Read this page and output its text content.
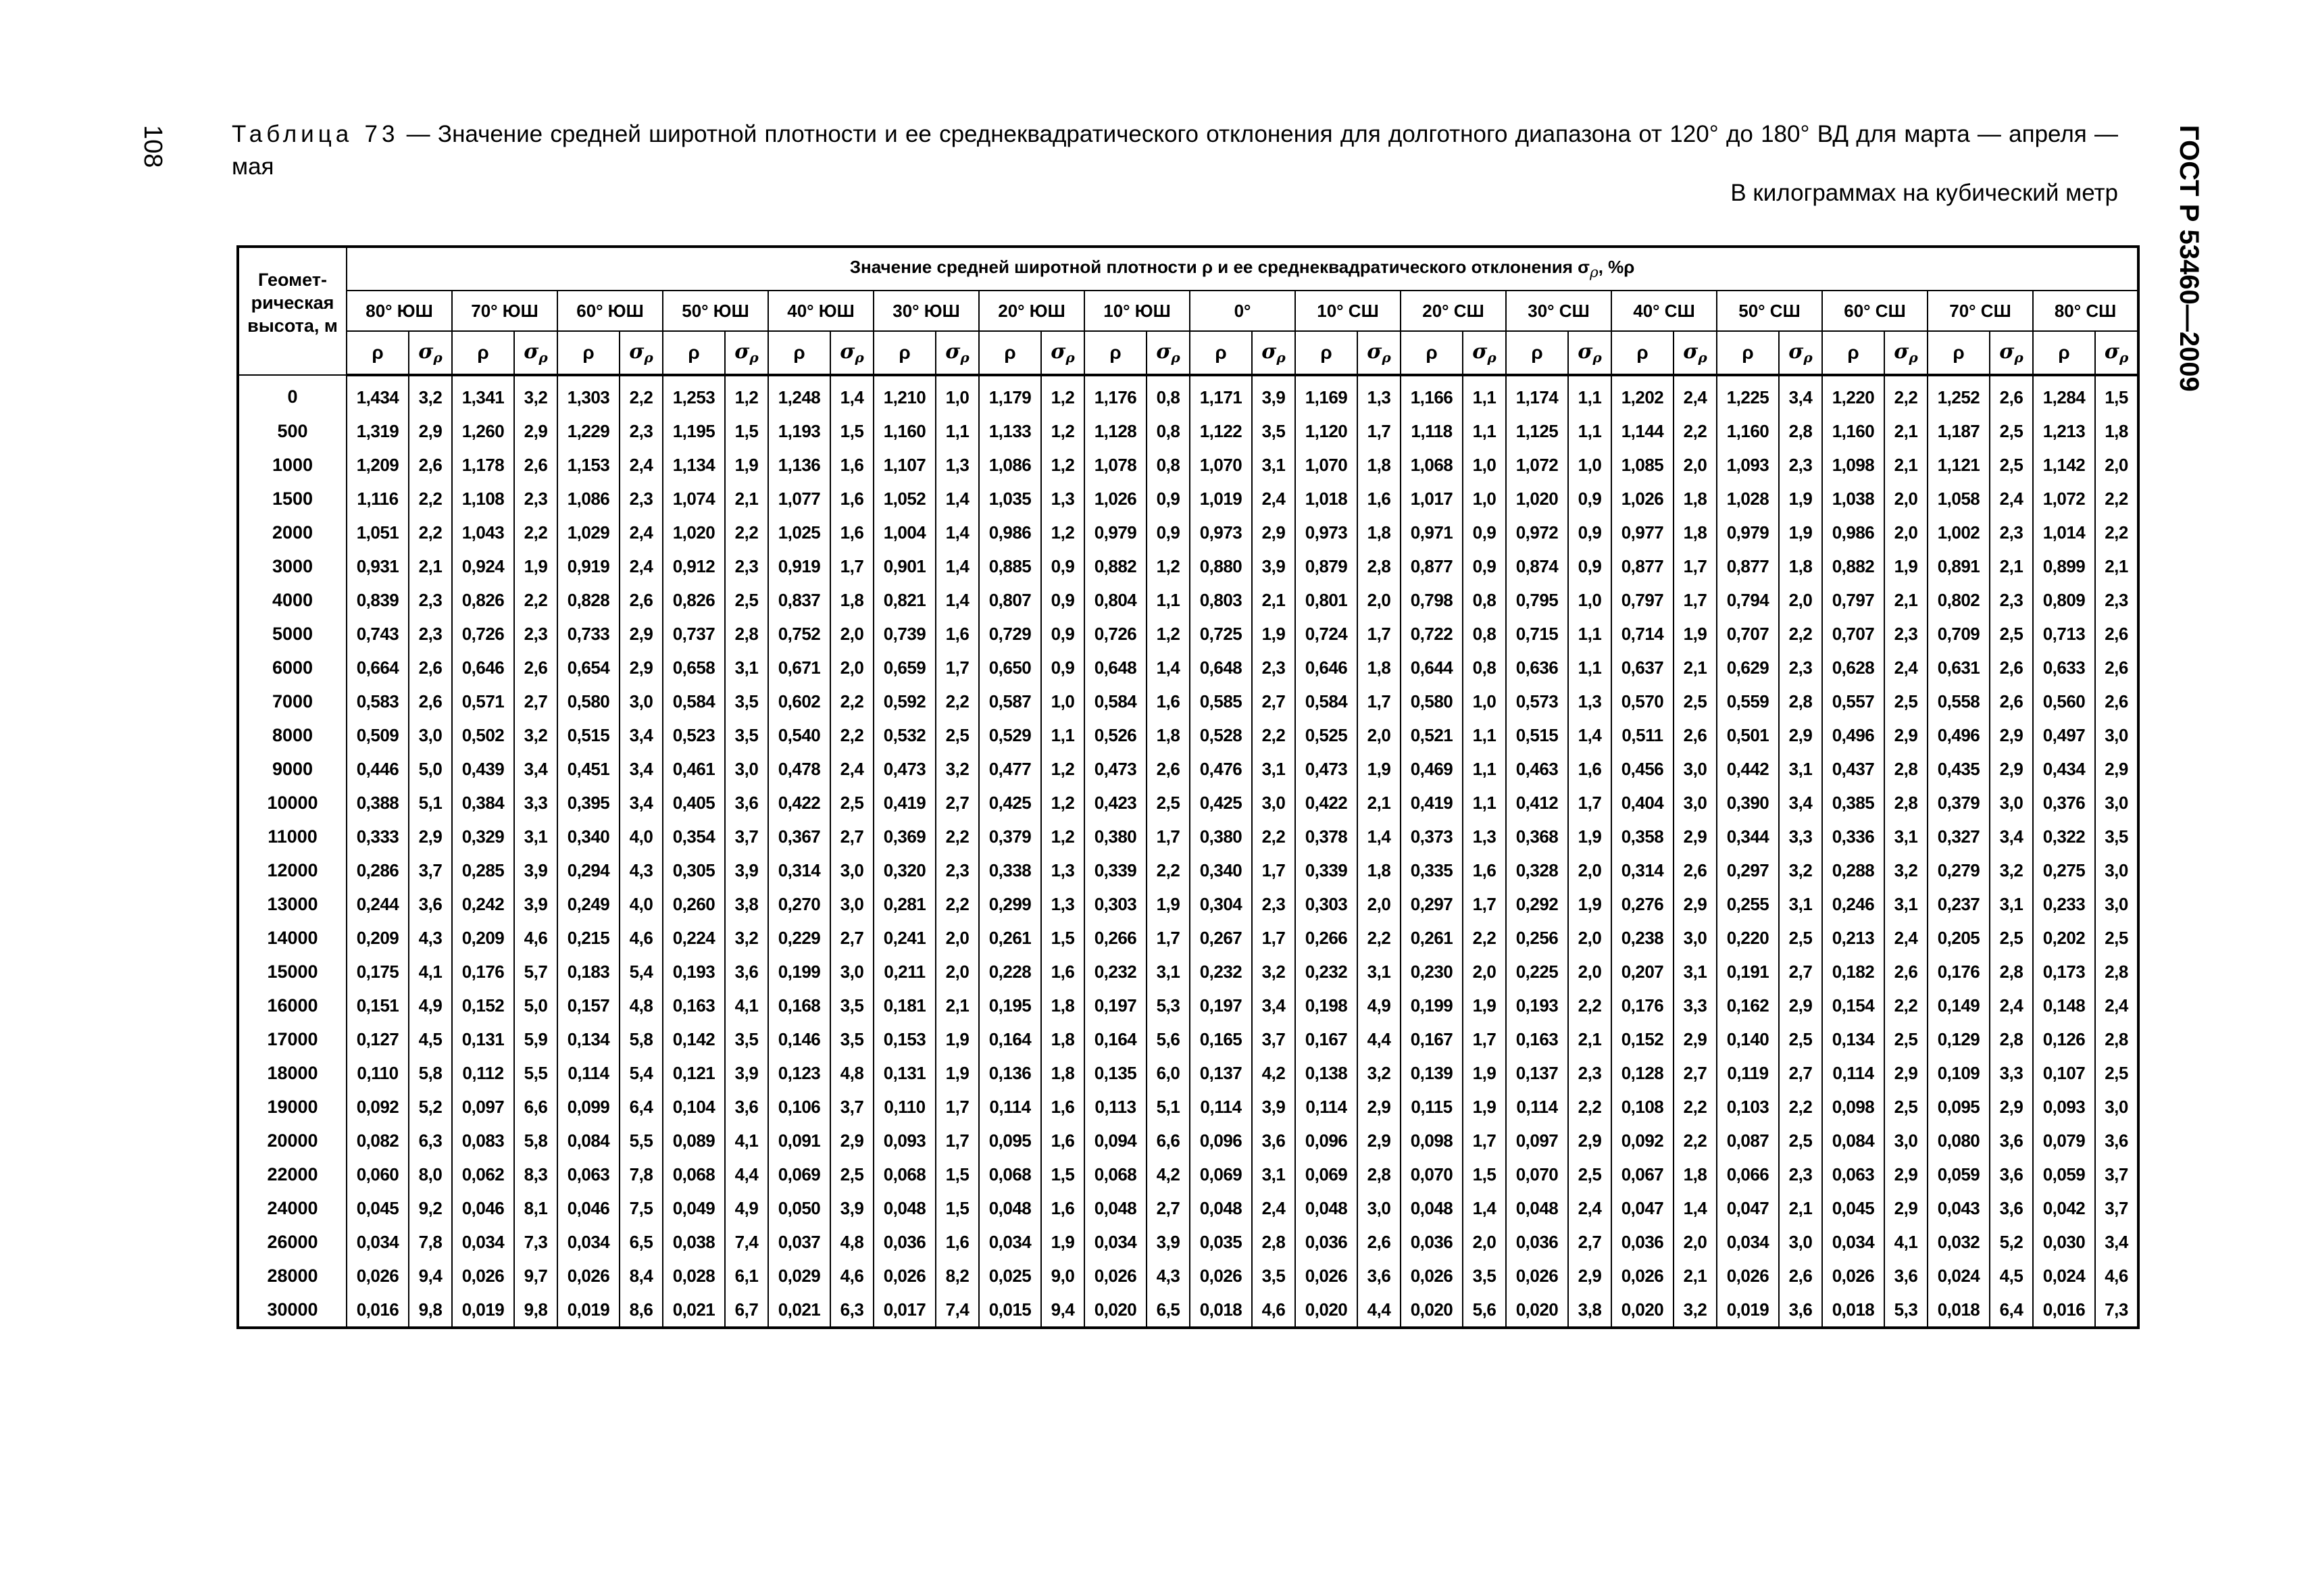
108	ГОСТ Р 53460—2009
Таблица 73 — Значение средней широтной плотности и ее среднеквадратического отклонения для долготного диапазона от 120° до 180° ВД для марта — апреля — мая
В килограммах на кубический метр
Геомет-
рическая
высота, м	Значение средней широтной плотности ρ и ее среднеквадратического отклонения $\sigma_\rho$, %ρ																																	
	80° ЮШ		70° ЮШ		60° ЮШ		50° ЮШ		40° ЮШ		30° ЮШ		20° ЮШ		10° ЮШ		0°		10° СШ		20° СШ		30° СШ		40° СШ		50° СШ		60° СШ		70° СШ		80° СШ	
	ρ	$\sigma_\rho$	ρ	$\sigma_\rho$	ρ	$\sigma_\rho$	ρ	$\sigma_\rho$	ρ	$\sigma_\rho$	ρ	$\sigma_\rho$	ρ	$\sigma_\rho$	ρ	$\sigma_\rho$	ρ	$\sigma_\rho$	ρ	$\sigma_\rho$	ρ	$\sigma_\rho$	ρ	$\sigma_\rho$	ρ	$\sigma_\rho$	ρ	$\sigma_\rho$	ρ	$\sigma_\rho$	ρ	$\sigma_\rho$	ρ	$\sigma_\rho$
0	1,434	3,2	1,341	3,2	1,303	2,2	1,253	1,2	1,248	1,4	1,210	1,0	1,179	1,2	1,176	0,8	1,171	3,9	1,169	1,3	1,166	1,1	1,174	1,1	1,202	2,4	1,225	3,4	1,220	2,2	1,252	2,6	1,284	1,5
500	1,319	2,9	1,260	2,9	1,229	2,3	1,195	1,5	1,193	1,5	1,160	1,1	1,133	1,2	1,128	0,8	1,122	3,5	1,120	1,7	1,118	1,1	1,125	1,1	1,144	2,2	1,160	2,8	1,160	2,1	1,187	2,5	1,213	1,8
1000	1,209	2,6	1,178	2,6	1,153	2,4	1,134	1,9	1,136	1,6	1,107	1,3	1,086	1,2	1,078	0,8	1,070	3,1	1,070	1,8	1,068	1,0	1,072	1,0	1,085	2,0	1,093	2,3	1,098	2,1	1,121	2,5	1,142	2,0
1500	1,116	2,2	1,108	2,3	1,086	2,3	1,074	2,1	1,077	1,6	1,052	1,4	1,035	1,3	1,026	0,9	1,019	2,4	1,018	1,6	1,017	1,0	1,020	0,9	1,026	1,8	1,028	1,9	1,038	2,0	1,058	2,4	1,072	2,2
2000	1,051	2,2	1,043	2,2	1,029	2,4	1,020	2,2	1,025	1,6	1,004	1,4	0,986	1,2	0,979	0,9	0,973	2,9	0,973	1,8	0,971	0,9	0,972	0,9	0,977	1,8	0,979	1,9	0,986	2,0	1,002	2,3	1,014	2,2
3000	0,931	2,1	0,924	1,9	0,919	2,4	0,912	2,3	0,919	1,7	0,901	1,4	0,885	0,9	0,882	1,2	0,880	3,9	0,879	2,8	0,877	0,9	0,874	0,9	0,877	1,7	0,877	1,8	0,882	1,9	0,891	2,1	0,899	2,1
4000	0,839	2,3	0,826	2,2	0,828	2,6	0,826	2,5	0,837	1,8	0,821	1,4	0,807	0,9	0,804	1,1	0,803	2,1	0,801	2,0	0,798	0,8	0,795	1,0	0,797	1,7	0,794	2,0	0,797	2,1	0,802	2,3	0,809	2,3
5000	0,743	2,3	0,726	2,3	0,733	2,9	0,737	2,8	0,752	2,0	0,739	1,6	0,729	0,9	0,726	1,2	0,725	1,9	0,724	1,7	0,722	0,8	0,715	1,1	0,714	1,9	0,707	2,2	0,707	2,3	0,709	2,5	0,713	2,6
6000	0,664	2,6	0,646	2,6	0,654	2,9	0,658	3,1	0,671	2,0	0,659	1,7	0,650	0,9	0,648	1,4	0,648	2,3	0,646	1,8	0,644	0,8	0,636	1,1	0,637	2,1	0,629	2,3	0,628	2,4	0,631	2,6	0,633	2,6
7000	0,583	2,6	0,571	2,7	0,580	3,0	0,584	3,5	0,602	2,2	0,592	2,2	0,587	1,0	0,584	1,6	0,585	2,7	0,584	1,7	0,580	1,0	0,573	1,3	0,570	2,5	0,559	2,8	0,557	2,5	0,558	2,6	0,560	2,6
8000	0,509	3,0	0,502	3,2	0,515	3,4	0,523	3,5	0,540	2,2	0,532	2,5	0,529	1,1	0,526	1,8	0,528	2,2	0,525	2,0	0,521	1,1	0,515	1,4	0,511	2,6	0,501	2,9	0,496	2,9	0,496	2,9	0,497	3,0
9000	0,446	5,0	0,439	3,4	0,451	3,4	0,461	3,0	0,478	2,4	0,473	3,2	0,477	1,2	0,473	2,6	0,476	3,1	0,473	1,9	0,469	1,1	0,463	1,6	0,456	3,0	0,442	3,1	0,437	2,8	0,435	2,9	0,434	2,9
10000	0,388	5,1	0,384	3,3	0,395	3,4	0,405	3,6	0,422	2,5	0,419	2,7	0,425	1,2	0,423	2,5	0,425	3,0	0,422	2,1	0,419	1,1	0,412	1,7	0,404	3,0	0,390	3,4	0,385	2,8	0,379	3,0	0,376	3,0
11000	0,333	2,9	0,329	3,1	0,340	4,0	0,354	3,7	0,367	2,7	0,369	2,2	0,379	1,2	0,380	1,7	0,380	2,2	0,378	1,4	0,373	1,3	0,368	1,9	0,358	2,9	0,344	3,3	0,336	3,1	0,327	3,4	0,322	3,5
12000	0,286	3,7	0,285	3,9	0,294	4,3	0,305	3,9	0,314	3,0	0,320	2,3	0,338	1,3	0,339	2,2	0,340	1,7	0,339	1,8	0,335	1,6	0,328	2,0	0,314	2,6	0,297	3,2	0,288	3,2	0,279	3,2	0,275	3,0
13000	0,244	3,6	0,242	3,9	0,249	4,0	0,260	3,8	0,270	3,0	0,281	2,2	0,299	1,3	0,303	1,9	0,304	2,3	0,303	2,0	0,297	1,7	0,292	1,9	0,276	2,9	0,255	3,1	0,246	3,1	0,237	3,1	0,233	3,0
14000	0,209	4,3	0,209	4,6	0,215	4,6	0,224	3,2	0,229	2,7	0,241	2,0	0,261	1,5	0,266	1,7	0,267	1,7	0,266	2,2	0,261	2,2	0,256	2,0	0,238	3,0	0,220	2,5	0,213	2,4	0,205	2,5	0,202	2,5
15000	0,175	4,1	0,176	5,7	0,183	5,4	0,193	3,6	0,199	3,0	0,211	2,0	0,228	1,6	0,232	3,1	0,232	3,2	0,232	3,1	0,230	2,0	0,225	2,0	0,207	3,1	0,191	2,7	0,182	2,6	0,176	2,8	0,173	2,8
16000	0,151	4,9	0,152	5,0	0,157	4,8	0,163	4,1	0,168	3,5	0,181	2,1	0,195	1,8	0,197	5,3	0,197	3,4	0,198	4,9	0,199	1,9	0,193	2,2	0,176	3,3	0,162	2,9	0,154	2,2	0,149	2,4	0,148	2,4
17000	0,127	4,5	0,131	5,9	0,134	5,8	0,142	3,5	0,146	3,5	0,153	1,9	0,164	1,8	0,164	5,6	0,165	3,7	0,167	4,4	0,167	1,7	0,163	2,1	0,152	2,9	0,140	2,5	0,134	2,5	0,129	2,8	0,126	2,8
18000	0,110	5,8	0,112	5,5	0,114	5,4	0,121	3,9	0,123	4,8	0,131	1,9	0,136	1,8	0,135	6,0	0,137	4,2	0,138	3,2	0,139	1,9	0,137	2,3	0,128	2,7	0,119	2,7	0,114	2,9	0,109	3,3	0,107	2,5
19000	0,092	5,2	0,097	6,6	0,099	6,4	0,104	3,6	0,106	3,7	0,110	1,7	0,114	1,6	0,113	5,1	0,114	3,9	0,114	2,9	0,115	1,9	0,114	2,2	0,108	2,2	0,103	2,2	0,098	2,5	0,095	2,9	0,093	3,0
20000	0,082	6,3	0,083	5,8	0,084	5,5	0,089	4,1	0,091	2,9	0,093	1,7	0,095	1,6	0,094	6,6	0,096	3,6	0,096	2,9	0,098	1,7	0,097	2,9	0,092	2,2	0,087	2,5	0,084	3,0	0,080	3,6	0,079	3,6
22000	0,060	8,0	0,062	8,3	0,063	7,8	0,068	4,4	0,069	2,5	0,068	1,5	0,068	1,5	0,068	4,2	0,069	3,1	0,069	2,8	0,070	1,5	0,070	2,5	0,067	1,8	0,066	2,3	0,063	2,9	0,059	3,6	0,059	3,7
24000	0,045	9,2	0,046	8,1	0,046	7,5	0,049	4,9	0,050	3,9	0,048	1,5	0,048	1,6	0,048	2,7	0,048	2,4	0,048	3,0	0,048	1,4	0,048	2,4	0,047	1,4	0,047	2,1	0,045	2,9	0,043	3,6	0,042	3,7
26000	0,034	7,8	0,034	7,3	0,034	6,5	0,038	7,4	0,037	4,8	0,036	1,6	0,034	1,9	0,034	3,9	0,035	2,8	0,036	2,6	0,036	2,0	0,036	2,7	0,036	2,0	0,034	3,0	0,034	4,1	0,032	5,2	0,030	3,4
28000	0,026	9,4	0,026	9,7	0,026	8,4	0,028	6,1	0,029	4,6	0,026	8,2	0,025	9,0	0,026	4,3	0,026	3,5	0,026	3,6	0,026	3,5	0,026	2,9	0,026	2,1	0,026	2,6	0,026	3,6	0,024	4,5	0,024	4,6
30000	0,016	9,8	0,019	9,8	0,019	8,6	0,021	6,7	0,021	6,3	0,017	7,4	0,015	9,4	0,020	6,5	0,018	4,6	0,020	4,4	0,020	5,6	0,020	3,8	0,020	3,2	0,019	3,6	0,018	5,3	0,018	6,4	0,016	7,3
